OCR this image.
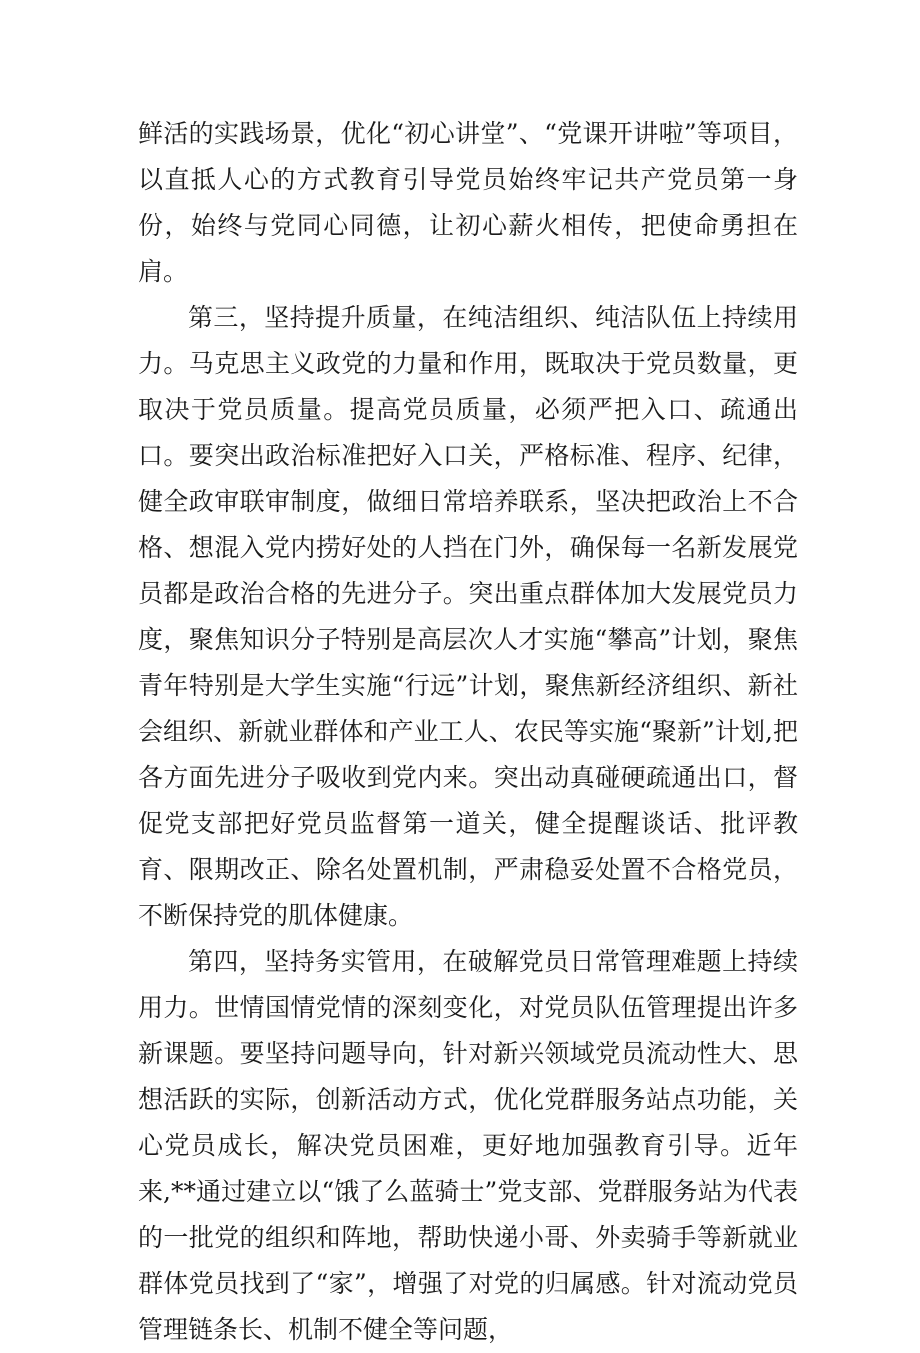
鲜活的实践场景，优化“初心讲堂”、“党课开讲啦”等项目，以直抵人心的方式教育引导党员始终牢记共产党员第一身份，始终与党同心同德，让初心薪火相传，把使命勇担在肩。

第三，坚持提升质量，在纯洁组织、纯洁队伍上持续用力。马克思主义政党的力量和作用，既取决于党员数量，更取决于党员质量。提高党员质量，必须严把入口、疏通出口。要突出政治标准把好入口关，严格标准、程序、纪律，健全政审联审制度，做细日常培养联系，坚决把政治上不合格、想混入党内捞好处的人挡在门外，确保每一名新发展党员都是政治合格的先进分子。突出重点群体加大发展党员力度，聚焦知识分子特别是高层次人才实施“攀高”计划，聚焦青年特别是大学生实施“行远”计划，聚焦新经济组织、新社会组织、新就业群体和产业工人、农民等实施“聚新”计划,把各方面先进分子吸收到党内来。突出动真碰硬疏通出口，督促党支部把好党员监督第一道关，健全提醒谈话、批评教育、限期改正、除名处置机制，严肃稳妥处置不合格党员，不断保持党的肌体健康。

第四，坚持务实管用，在破解党员日常管理难题上持续用力。世情国情党情的深刻变化，对党员队伍管理提出许多新课题。要坚持问题导向，针对新兴领域党员流动性大、思想活跃的实际，创新活动方式，优化党群服务站点功能，关心党员成长，解决党员困难，更好地加强教育引导。近年来,**通过建立以“饿了么蓝骑士”党支部、党群服务站为代表的一批党的组织和阵地，帮助快递小哥、外卖骑手等新就业群体党员找到了“家”，增强了对党的归属感。针对流动党员管理链条长、机制不健全等问题，
